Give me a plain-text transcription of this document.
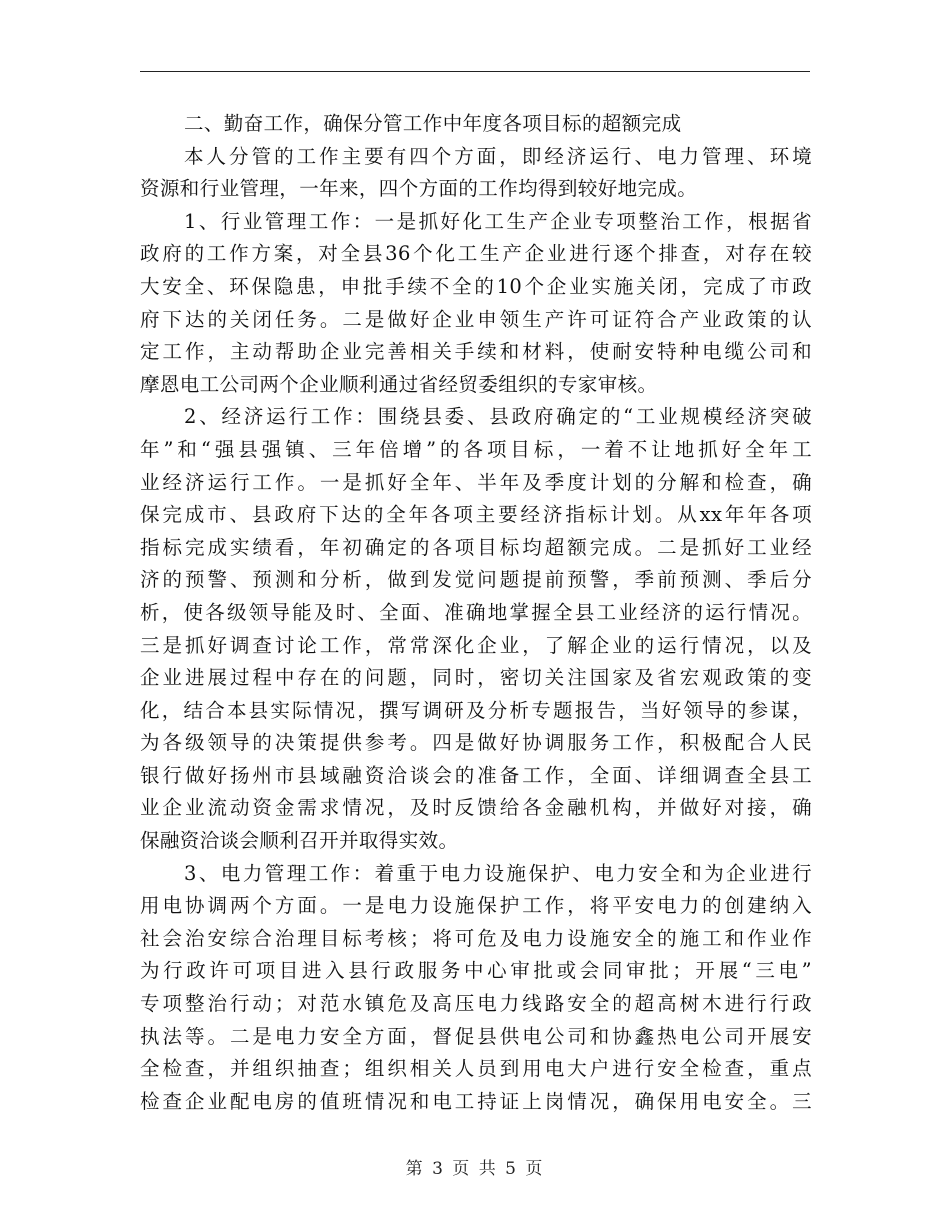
二、勤奋工作，确保分管工作中年度各项目标的超额完成
本人分管的工作主要有四个方面，即经济运行、电力管理、环境
资源和行业管理，一年来，四个方面的工作均得到较好地完成。
1、行业管理工作：一是抓好化工生产企业专项整治工作，根据省
政府的工作方案，对全县36个化工生产企业进行逐个排查，对存在较
大安全、环保隐患，申批手续不全的10个企业实施关闭，完成了市政
府下达的关闭任务。二是做好企业申领生产许可证符合产业政策的认
定工作，主动帮助企业完善相关手续和材料，使耐安特种电缆公司和
摩恩电工公司两个企业顺利通过省经贸委组织的专家审核。
2、经济运行工作：围绕县委、县政府确定的“工业规模经济突破
年”和“强县强镇、三年倍增”的各项目标，一着不让地抓好全年工
业经济运行工作。一是抓好全年、半年及季度计划的分解和检查，确
保完成市、县政府下达的全年各项主要经济指标计划。从xx年年各项
指标完成实绩看，年初确定的各项目标均超额完成。二是抓好工业经
济的预警、预测和分析，做到发觉问题提前预警，季前预测、季后分
析，使各级领导能及时、全面、准确地掌握全县工业经济的运行情况。
三是抓好调查讨论工作，常常深化企业，了解企业的运行情况，以及
企业进展过程中存在的问题，同时，密切关注国家及省宏观政策的变
化，结合本县实际情况，撰写调研及分析专题报告，当好领导的参谋，
为各级领导的决策提供参考。四是做好协调服务工作，积极配合人民
银行做好扬州市县域融资洽谈会的准备工作，全面、详细调查全县工
业企业流动资金需求情况，及时反馈给各金融机构，并做好对接，确
保融资洽谈会顺利召开并取得实效。
3、电力管理工作：着重于电力设施保护、电力安全和为企业进行
用电协调两个方面。一是电力设施保护工作，将平安电力的创建纳入
社会治安综合治理目标考核；将可危及电力设施安全的施工和作业作
为行政许可项目进入县行政服务中心审批或会同审批；开展“三电”
专项整治行动；对范水镇危及高压电力线路安全的超高树木进行行政
执法等。二是电力安全方面，督促县供电公司和协鑫热电公司开展安
全检查，并组织抽查；组织相关人员到用电大户进行安全检查，重点
检查企业配电房的值班情况和电工持证上岗情况，确保用电安全。三
第 3 页 共 5 页
